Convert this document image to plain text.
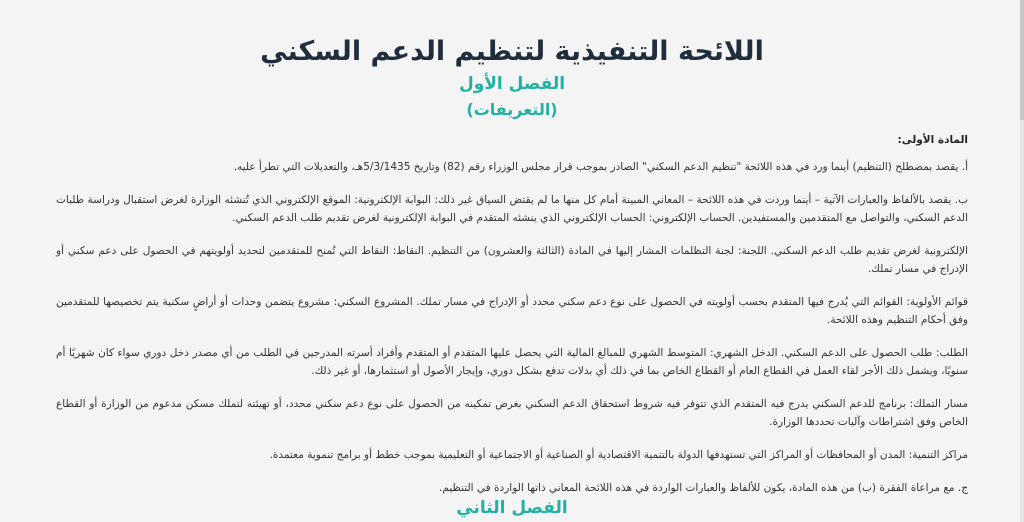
اللائحة التنفيذية لتنظيم الدعم السكني
الفصل الأول
(التعريفات)
المادة الأولى:

أ. يقصد بمصطلح (التنظيم) أينما ورد في هذه اللائحة "تنظيم الدعم السكني" الصادر بموجب قرار مجلس الوزراء رقم (82) وتاريخ 5/3/1435هـ، والتعديلات التي تطرأ عليه.

ب. يقصد بالألفاظ والعبارات الآتية – أينما وردت في هذه اللائحة – المعاني المبينة أمام كل منها ما لم يقتض السياق غير ذلك: البوابة الإلكترونية: الموقع الإلكتروني الذي تُنشئه الوزارة لغرض استقبال ودراسة طلبات الدعم السكني، والتواصل مع المتقدمين والمستفيدين. الحساب الإلكتروني: الحساب الإلكتروني الذي ينشئه المتقدم في البوابة الإلكترونية لغرض تقديم طلب الدعم السكني.

الإلكترونية لغرض تقديم طلب الدعم السكني. اللجنة: لجنة التظلمات المشار إليها في المادة (الثالثة والعشرون) من التنظيم. النقاط: النقاط التي تُمنح للمتقدمين لتحديد أولويتهم في الحصول على دعم سكني أو الإدراج في مسار تملك.

قوائم الأولوية: القوائم التي يُدرج فيها المتقدم بحسب أولويته في الحصول على نوع دعم سكني محدد أو الإدراج في مسار تملك. المشروع السكني: مشروع يتضمن وحدات أو أراضٍ سكنية يتم تخصيصها للمتقدمين وفق أحكام التنظيم وهذه اللائحة.

الطلب: طلب الحصول على الدعم السكني. الدخل الشهري: المتوسط الشهري للمبالغ المالية التي يحصل عليها المتقدم أو المتقدم وأفراد أسرته المدرجين في الطلب من أي مصدر دخل دوري سواء كان شهريًا أم سنويًا، ويشمل ذلك الأجر لقاء العمل في القطاع العام أو القطاع الخاص بما في ذلك أي بدلات تدفع بشكل دوري، وإيجار الأصول أو استثمارها، أو غير ذلك.

مسار التملك: برنامج للدعم السكني يدرج فيه المتقدم الذي تتوفر فيه شروط استحقاق الدعم السكني بغرض تمكينه من الحصول على نوع دعم سكني محدد، أو تهيئته لتملك مسكن مدعوم من الوزارة أو القطاع الخاص وفق اشتراطات وآليات تحددها الوزارة.

مراكز التنمية: المدن أو المحافظات أو المراكز التي تستهدفها الدولة بالتنمية الاقتصادية أو الصناعية أو الاجتماعية أو التعليمية بموجب خطط أو برامج تنموية معتمدة.

ج. مع مراعاة الفقرة (ب) من هذه المادة، يكون للألفاظ والعبارات الواردة في هذه اللائحة المعاني ذاتها الواردة في التنظيم.

الفصل الثاني
